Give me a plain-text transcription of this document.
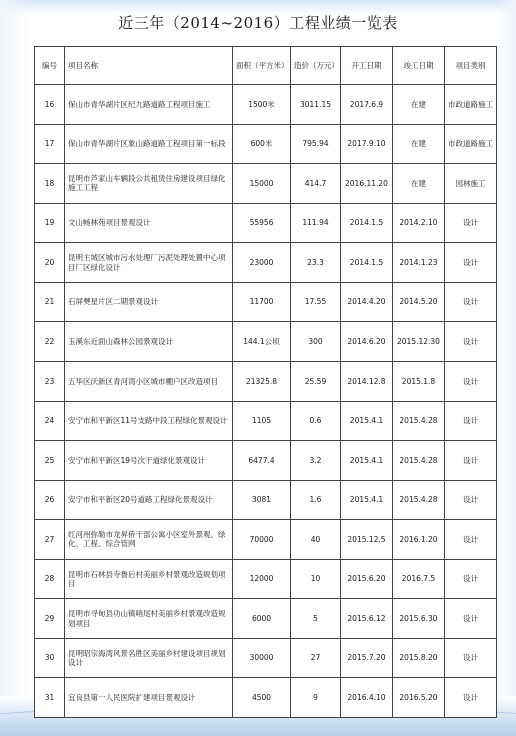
近三年（2014~2016）工程业绩一览表
编号	项目名称	面积（平方米）	造价（万元）	开工日期	竣工日期	项目类别
16	保山市青华湖片区纪九路道路工程项目施工	1500米	3011.15	2017.6.9	在建	市政道路施工
17	保山市青华湖片区象山路道路工程项目第一标段	600米	795.94	2017.9.10	在建	市政道路施工
18	昆明市芦家山车辆段公共租赁住房建设项目绿化施工工程	15000	414.7	2016.11.20	在建	园林施工
19	文山畅林苑项目景观设计	55956	111.94	2014.1.5	2014.2.10	设计
20	昆明主城区城市污水处理厂污泥处理处置中心项目厂区绿化设计	23000	23.3	2014.1.5	2014.1.23	设计
21	石屏僰星片区二期景观设计	11700	17.55	2014.4.20	2014.5.20	设计
22	玉溪东近面山森林公园景观设计	144.1公顷	300	2014.6.20	2015.12.30	设计
23	五华区沃新区青河湾小区城市棚户区改造项目	21325.8	25.59	2014.12.8	2015.1.8	设计
24	安宁市和平新区11号支路中段工程绿化景观设计	1105	0.6	2015.4.1	2015.4.28	设计
25	安宁市和平新区19号次干道绿化景观设计	6477.4	3.2	2015.4.1	2015.4.28	设计
26	安宁市和平新区20号道路工程绿化景观设计	3081	1.6	2015.4.1	2015.4.28	设计
27	红河州弥勒市龙昇侨干部公寓小区室外景观、绿化、工程、综合管网	70000	40	2015.12.5	2016.1.20	设计
28	昆明市石林县寺鲁后村美丽乡村景观改造规划项目	12000	10	2015.6.20	2016.7.5	设计
29	昆明市寻甸县功山镇哨尾村美丽乡村景观改造规划项目	6000	5	2015.6.12	2015.6.30	设计
30	昆明昭宗海湾风景名胜区美丽乡村建设项目规划设计	30000	27	2015.7.20	2015.8.20	设计
31	宜良县第一人民医院扩建项目景观设计	4500	9	2016.4.10	2016.5.20	设计
